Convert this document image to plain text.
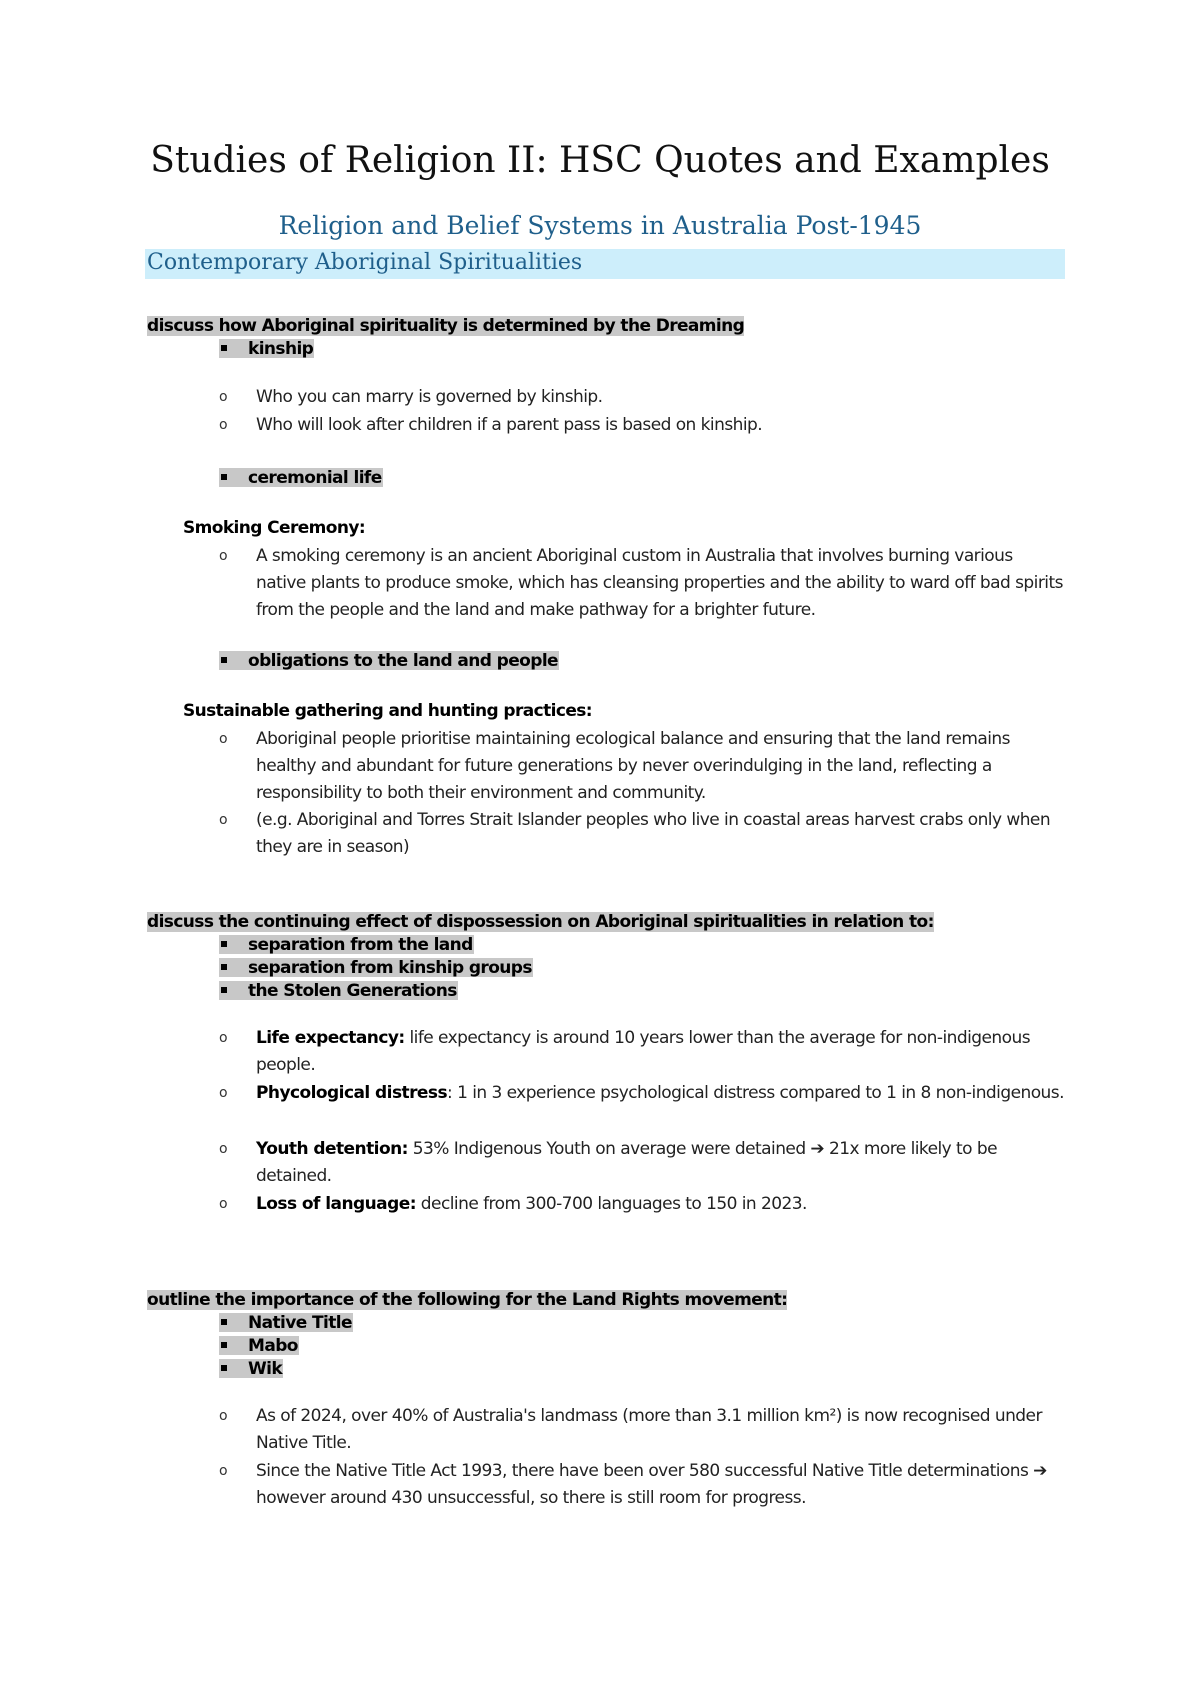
Studies of Religion II: HSC Quotes and Examples
Religion and Belief Systems in Australia Post-1945
Contemporary Aboriginal Spiritualities
discuss how Aboriginal spirituality is determined by the Dreaming
kinship
o Who you can marry is governed by kinship.
o Who will look after children if a parent pass is based on kinship.
ceremonial life
Smoking Ceremony:
o A smoking ceremony is an ancient Aboriginal custom in Australia that involves burning various native plants to produce smoke, which has cleansing properties and the ability to ward off bad spirits from the people and the land and make pathway for a brighter future.
obligations to the land and people
Sustainable gathering and hunting practices:
o Aboriginal people prioritise maintaining ecological balance and ensuring that the land remains healthy and abundant for future generations by never overindulging in the land, reflecting a responsibility to both their environment and community.
o (e.g. Aboriginal and Torres Strait Islander peoples who live in coastal areas harvest crabs only when they are in season)
discuss the continuing effect of dispossession on Aboriginal spiritualities in relation to:
separation from the land
separation from kinship groups
the Stolen Generations
o Life expectancy: life expectancy is around 10 years lower than the average for non-indigenous people.
o Phycological distress: 1 in 3 experience psychological distress compared to 1 in 8 non-indigenous.
o Youth detention: 53% Indigenous Youth on average were detained ➔ 21x more likely to be detained.
o Loss of language: decline from 300-700 languages to 150 in 2023.
outline the importance of the following for the Land Rights movement:
Native Title
Mabo
Wik
o As of 2024, over 40% of Australia's landmass (more than 3.1 million km²) is now recognised under Native Title.
o Since the Native Title Act 1993, there have been over 580 successful Native Title determinations ➔ however around 430 unsuccessful, so there is still room for progress.
